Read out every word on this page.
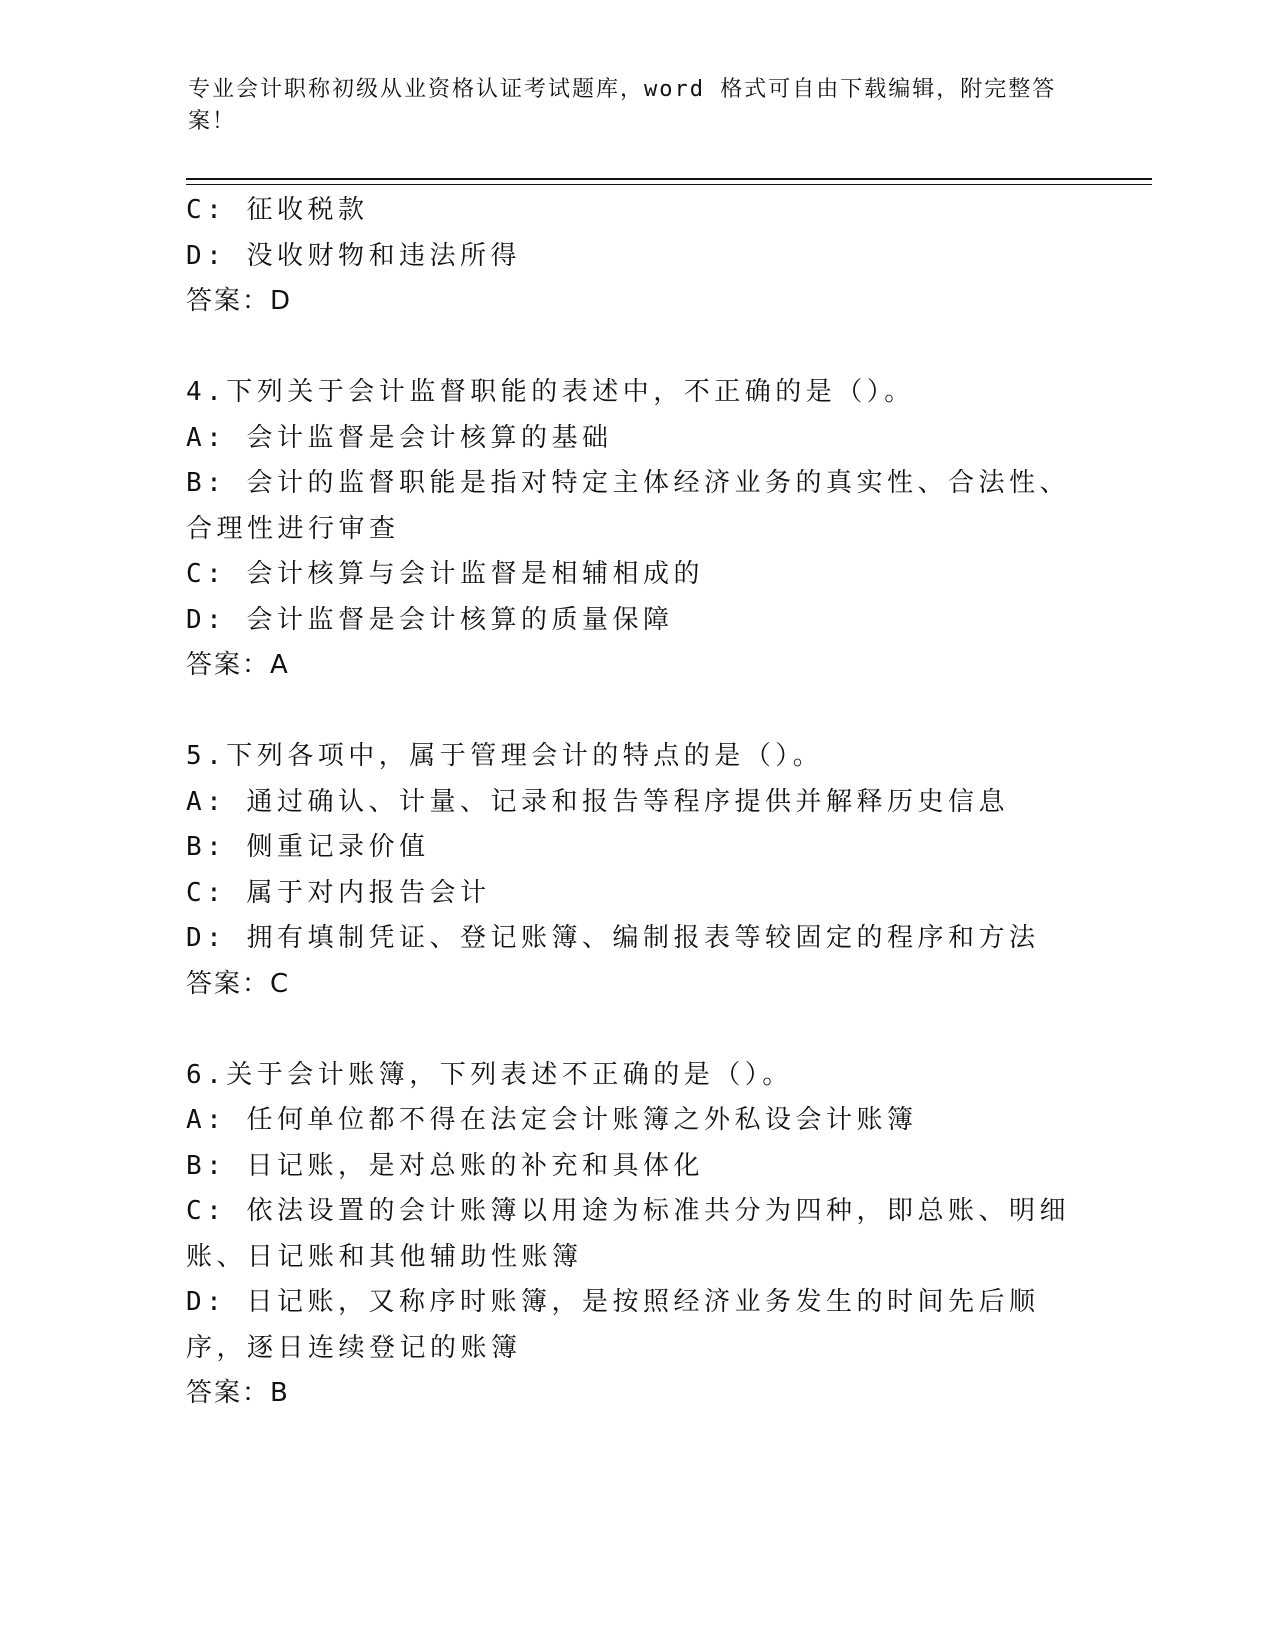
专业会计职称初级从业资格认证考试题库，word 格式可自由下载编辑，附完整答案！
C: 征收税款
D: 没收财物和违法所得
答案：D
4.下列关于会计监督职能的表述中，不正确的是（）。
A: 会计监督是会计核算的基础
B: 会计的监督职能是指对特定主体经济业务的真实性、合法性、合理性进行审查
C: 会计核算与会计监督是相辅相成的
D: 会计监督是会计核算的质量保障
答案：A
5.下列各项中，属于管理会计的特点的是（）。
A: 通过确认、计量、记录和报告等程序提供并解释历史信息
B: 侧重记录价值
C: 属于对内报告会计
D: 拥有填制凭证、登记账簿、编制报表等较固定的程序和方法
答案：C
6.关于会计账簿，下列表述不正确的是（）。
A: 任何单位都不得在法定会计账簿之外私设会计账簿
B: 日记账，是对总账的补充和具体化
C: 依法设置的会计账簿以用途为标准共分为四种，即总账、明细账、日记账和其他辅助性账簿
D: 日记账，又称序时账簿，是按照经济业务发生的时间先后顺序，逐日连续登记的账簿
答案：B
